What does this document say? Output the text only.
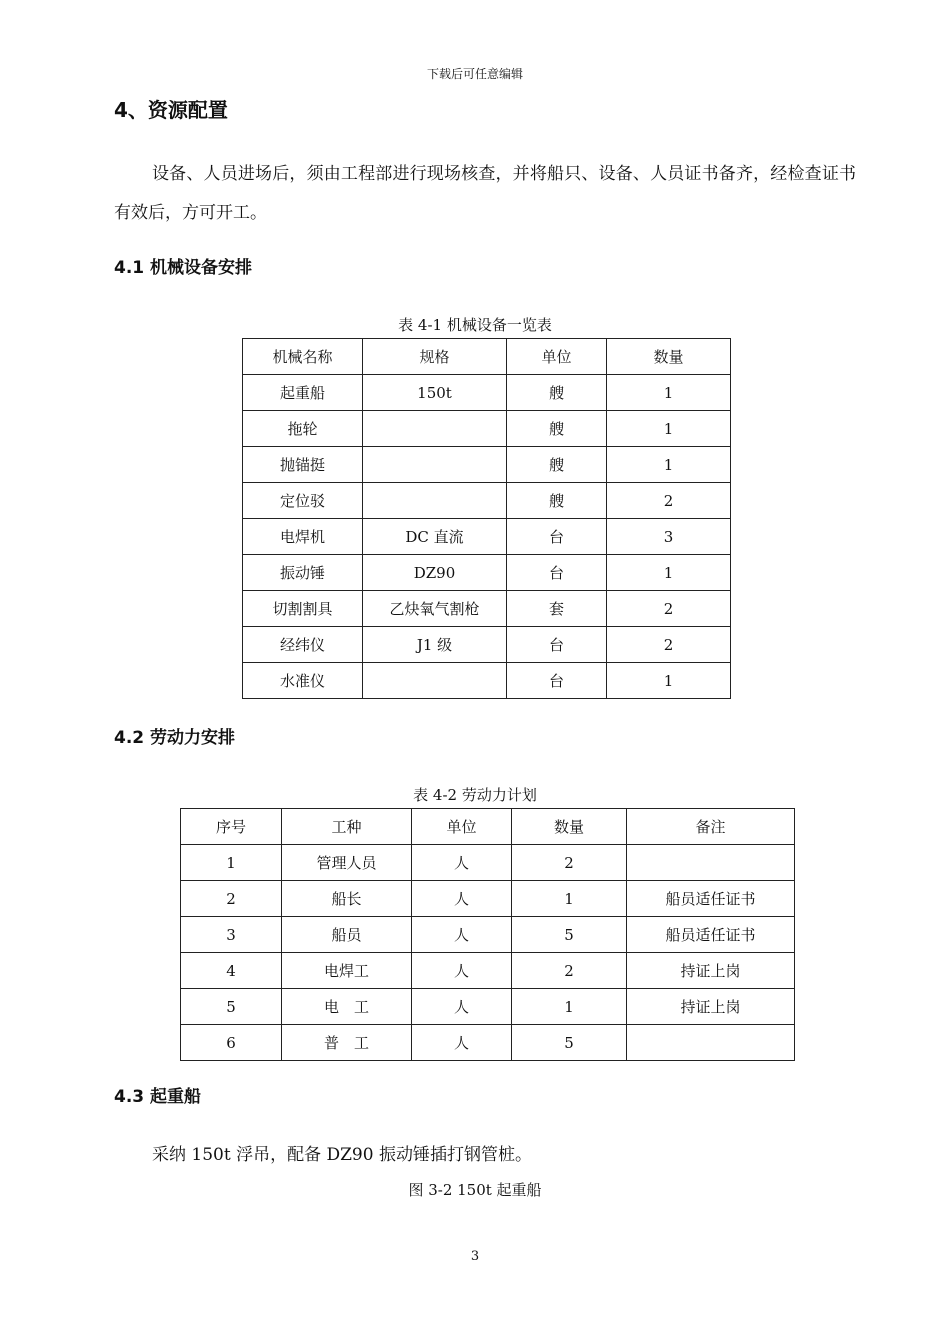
下载后可任意编辑
4、资源配置
设备、人员进场后，须由工程部进行现场核查，并将船只、设备、人员证书备齐，经检查证书有效后，方可开工。
4.1 机械设备安排
表 4-1 机械设备一览表
机械名称	规格	单位	数量
起重船	150t	艘	1
拖轮		艘	1
抛锚挺		艘	1
定位驳		艘	2
电焊机	DC 直流	台	3
振动锤	DZ90	台	1
切割割具	乙炔氧气割枪	套	2
经纬仪	J1 级	台	2
水准仪		台	1
4.2 劳动力安排
表 4-2 劳动力计划
序号	工种	单位	数量	备注
1	管理人员	人	2	
2	船长	人	1	船员适任证书
3	船员	人	5	船员适任证书
4	电焊工	人	2	持证上岗
5	电　工	人	1	持证上岗
6	普　工	人	5	
4.3 起重船
采纳 150t 浮吊，配备 DZ90 振动锤插打钢管桩。
图 3-2 150t 起重船
3
